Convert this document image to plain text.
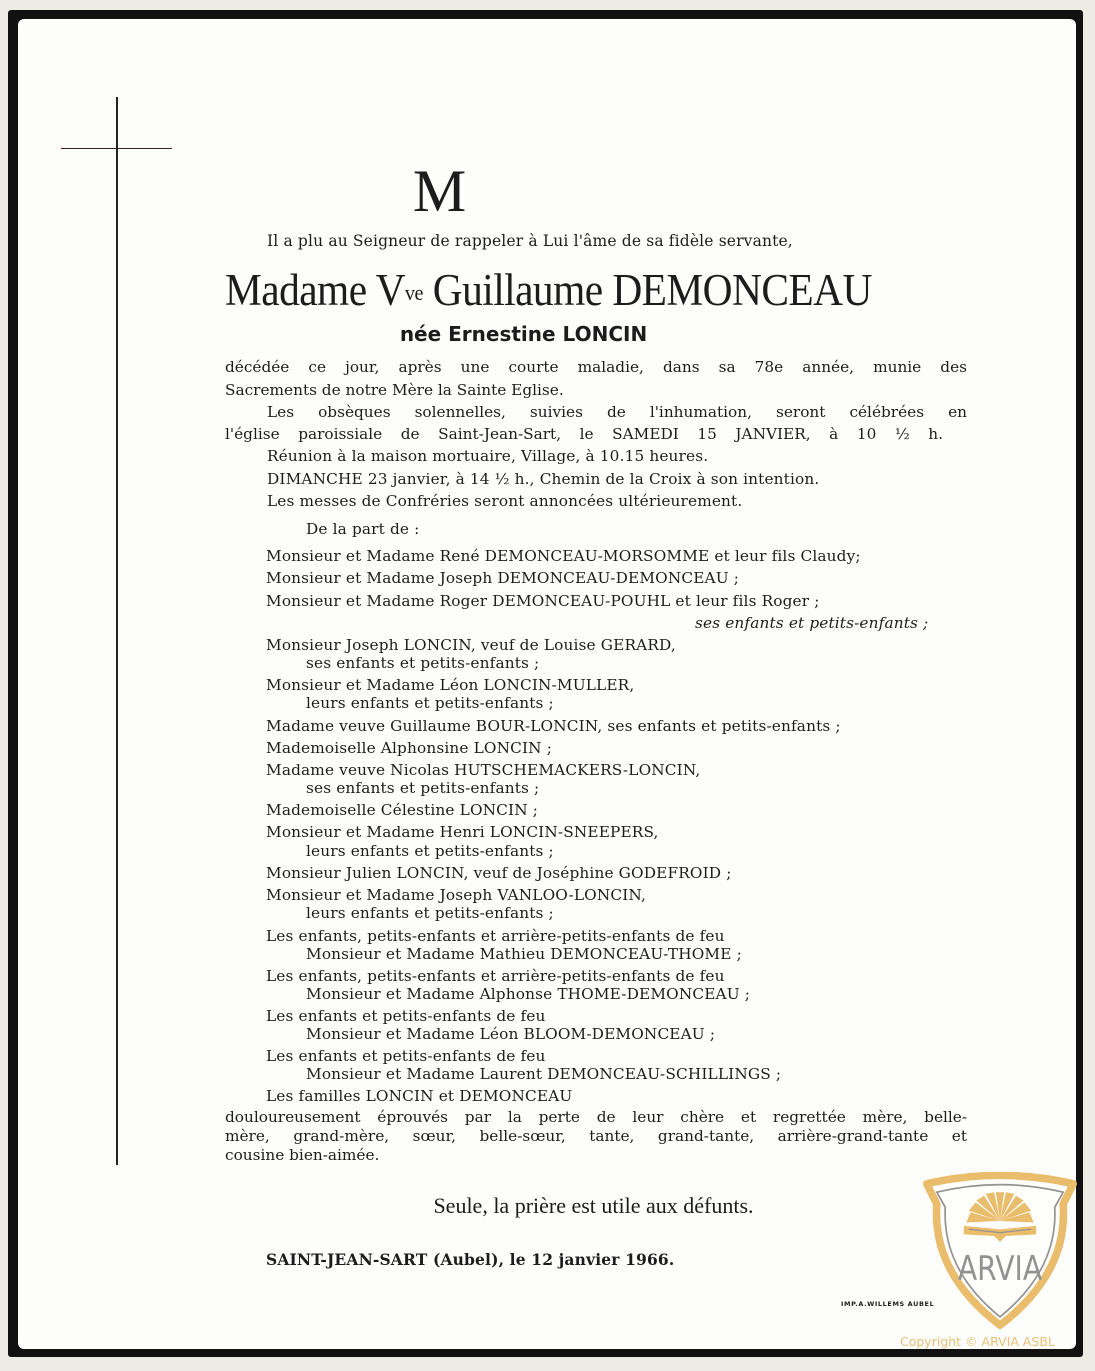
M
Il a plu au Seigneur de rappeler à Lui l'âme de sa fidèle servante,
Madame $V^{ve}$ Guillaume DEMONCEAU
née Ernestine LONCIN
décédée ce jour, après une courte maladie, dans sa 78e année, munie des
Sacrements de notre Mère la Sainte Eglise.
Les obsèques solennelles, suivies de l'inhumation, seront célébrées en
l'église paroissiale de Saint-Jean-Sart, le SAMEDI 15 JANVIER, à 10 ½ h.
Réunion à la maison mortuaire, Village, à 10.15 heures.
DIMANCHE 23 janvier, à 14 ½ h., Chemin de la Croix à son intention.
Les messes de Confréries seront annoncées ultérieurement.
De la part de :
Monsieur et Madame René DEMONCEAU-MORSOMME et leur fils Claudy;
Monsieur et Madame Joseph DEMONCEAU-DEMONCEAU ;
Monsieur et Madame Roger DEMONCEAU-POUHL et leur fils Roger ;
ses enfants et petits-enfants ;
Monsieur Joseph LONCIN, veuf de Louise GERARD,
ses enfants et petits-enfants ;
Monsieur et Madame Léon LONCIN-MULLER,
leurs enfants et petits-enfants ;
Madame veuve Guillaume BOUR-LONCIN, ses enfants et petits-enfants ;
Mademoiselle Alphonsine LONCIN ;
Madame veuve Nicolas HUTSCHEMACKERS-LONCIN,
ses enfants et petits-enfants ;
Mademoiselle Célestine LONCIN ;
Monsieur et Madame Henri LONCIN-SNEEPERS,
leurs enfants et petits-enfants ;
Monsieur Julien LONCIN, veuf de Joséphine GODEFROID ;
Monsieur et Madame Joseph VANLOO-LONCIN,
leurs enfants et petits-enfants ;
Les enfants, petits-enfants et arrière-petits-enfants de feu
Monsieur et Madame Mathieu DEMONCEAU-THOME ;
Les enfants, petits-enfants et arrière-petits-enfants de feu
Monsieur et Madame Alphonse THOME-DEMONCEAU ;
Les enfants et petits-enfants de feu
Monsieur et Madame Léon BLOOM-DEMONCEAU ;
Les enfants et petits-enfants de feu
Monsieur et Madame Laurent DEMONCEAU-SCHILLINGS ;
Les familles LONCIN et DEMONCEAU
douloureusement éprouvés par la perte de leur chère et regrettée mère, belle-
mère, grand-mère, sœur, belle-sœur, tante, grand-tante, arrière-grand-tante et
cousine bien-aimée.
Seule, la prière est utile aux défunts.
SAINT-JEAN-SART (Aubel), le 12 janvier 1966.
IMP.A.WILLEMS AUBEL
ARVIA
Copyright © ARVIA ASBL
